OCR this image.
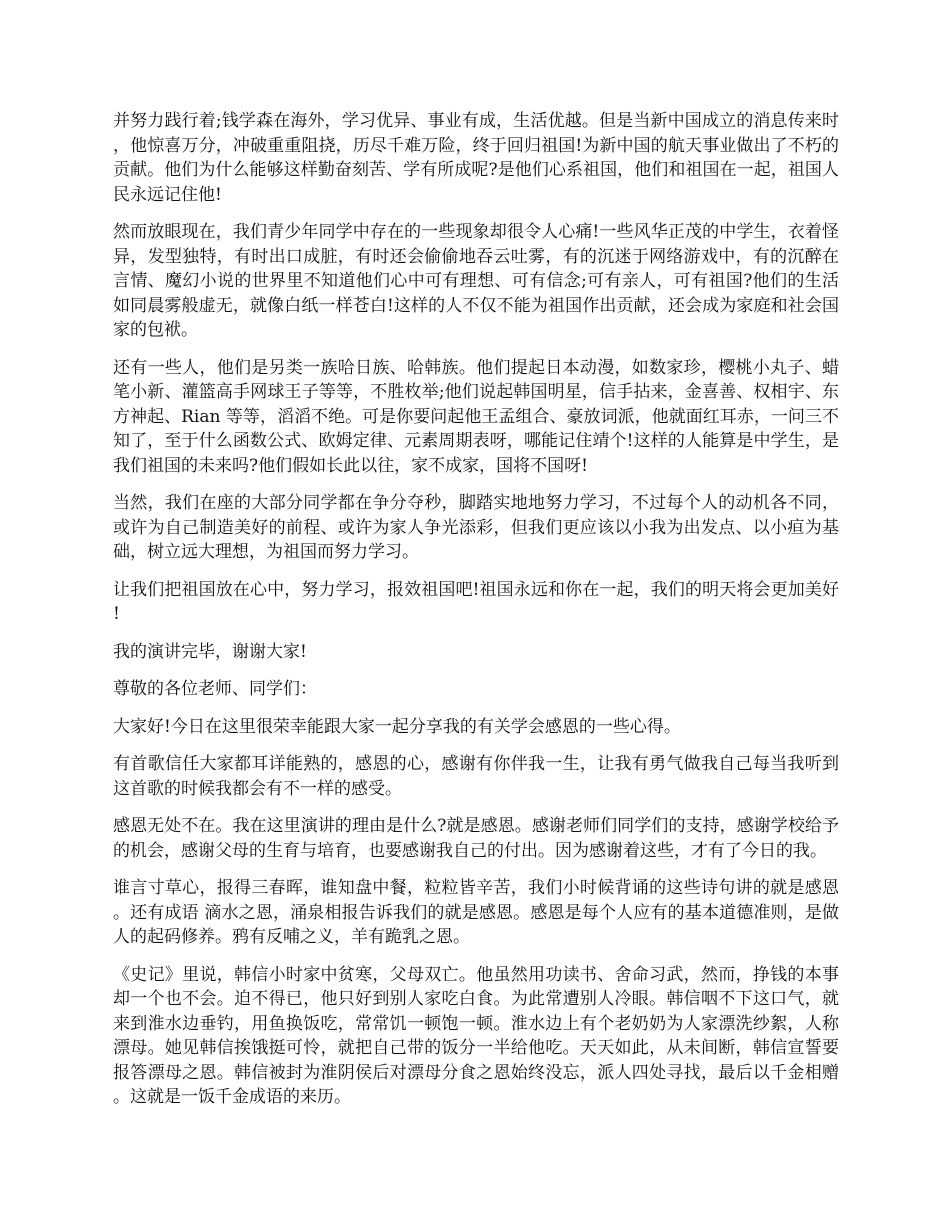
并努力践行着;钱学森在海外，学习优异、事业有成，生活优越。但是当新中国成立的消息传来时，他惊喜万分，冲破重重阻挠，历尽千难万险，终于回归祖国!为新中国的航天事业做出了不朽的贡献。他们为什么能够这样勤奋刻苦、学有所成呢?是他们心系祖国，他们和祖国在一起，祖国人民永远记住他!

然而放眼现在，我们青少年同学中存在的一些现象却很令人心痛!一些风华正茂的中学生，衣着怪异，发型独特，有时出口成脏，有时还会偷偷地吞云吐雾，有的沉迷于网络游戏中，有的沉醉在言情、魔幻小说的世界里不知道他们心中可有理想、可有信念;可有亲人，可有祖国?他们的生活如同晨雾般虚无，就像白纸一样苍白!这样的人不仅不能为祖国作出贡献，还会成为家庭和社会国家的包袱。

还有一些人，他们是另类一族哈日族、哈韩族。他们提起日本动漫，如数家珍，樱桃小丸子、蜡笔小新、灌篮高手网球王子等等，不胜枚举;他们说起韩国明星，信手拈来，金喜善、权相宇、东方神起、Rian 等等，滔滔不绝。可是你要问起他王孟组合、豪放词派，他就面红耳赤，一问三不知了，至于什么函数公式、欧姆定律、元素周期表呀，哪能记住靖个!这样的人能算是中学生，是我们祖国的未来吗?他们假如长此以往，家不成家，国将不国呀!

当然，我们在座的大部分同学都在争分夺秒，脚踏实地地努力学习，不过每个人的动机各不同，或许为自己制造美好的前程、或许为家人争光添彩，但我们更应该以小我为出发点、以小疸为基础，树立远大理想，为祖国而努力学习。

让我们把祖国放在心中，努力学习，报效祖国吧!祖国永远和你在一起，我们的明天将会更加美好!

我的演讲完毕，谢谢大家!

尊敬的各位老师、同学们：

大家好!今日在这里很荣幸能跟大家一起分享我的有关学会感恩的一些心得。

有首歌信任大家都耳详能熟的，感恩的心，感谢有你伴我一生，让我有勇气做我自己每当我听到这首歌的时候我都会有不一样的感受。

感恩无处不在。我在这里演讲的理由是什么?就是感恩。感谢老师们同学们的支持，感谢学校给予的机会，感谢父母的生育与培育，也要感谢我自己的付出。因为感谢着这些，才有了今日的我。

谁言寸草心，报得三春晖，谁知盘中餐，粒粒皆辛苦，我们小时候背诵的这些诗句讲的就是感恩。还有成语 滴水之恩，涌泉相报告诉我们的就是感恩。感恩是每个人应有的基本道德准则，是做人的起码修养。鸦有反哺之义，羊有跪乳之恩。

《史记》里说，韩信小时家中贫寒，父母双亡。他虽然用功读书、舍命习武，然而，挣钱的本事却一个也不会。迫不得已，他只好到别人家吃白食。为此常遭别人冷眼。韩信咽不下这口气，就来到淮水边垂钓，用鱼换饭吃，常常饥一顿饱一顿。淮水边上有个老奶奶为人家漂洗纱絮，人称漂母。她见韩信挨饿挺可怜，就把自己带的饭分一半给他吃。天天如此，从未间断，韩信宣誓要报答漂母之恩。韩信被封为淮阴侯后对漂母分食之恩始终没忘，派人四处寻找，最后以千金相赠。这就是一饭千金成语的来历。
